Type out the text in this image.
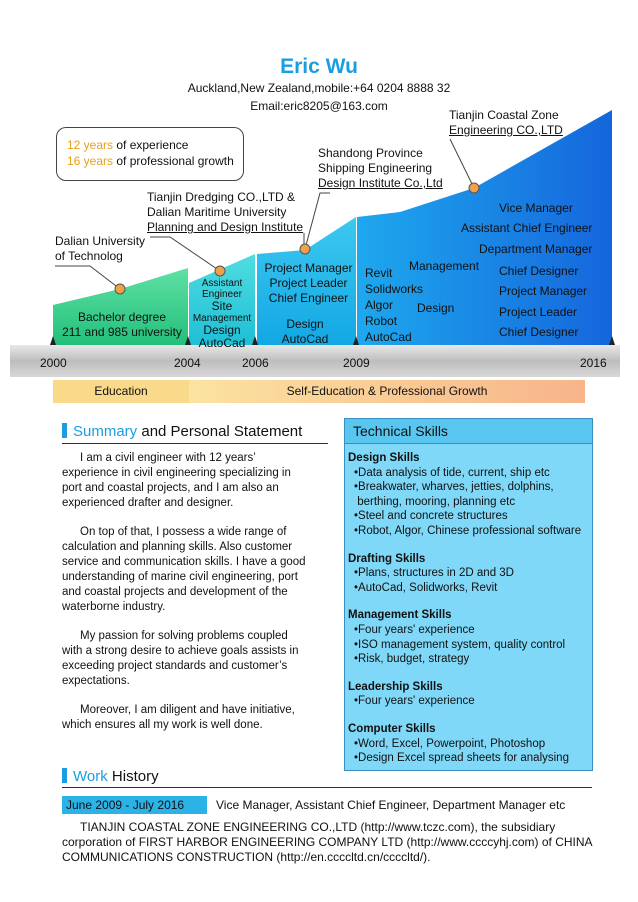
Eric Wu
Auckland,New Zealand,mobile:+64 0204 8888 32
Email:eric8205@163.com
12 years of experience
16 years of professional growth
Dalian University
of Technolog
Tianjin Dredging CO.,LTD &
Dalian Maritime University
Planning and Design Institute
Shandong Province
Shipping Engineering
Design Institute Co.,Ltd
Tianjin Coastal Zone
Engineering CO.,LTD
Bachelor degree
211 and 985 university
Assistant
Engineer
Site
Management
Design
AutoCad
Project Manager
Project Leader
Chief Engineer
Design
AutoCad
Revit
Solidworks
Algor
Robot
AutoCad
Management
Design
Vice Manager
Assistant Chief Engineer
Department Manager
Chief Designer
Project Manager
Project Leader
Chief Designer
2000	2004	2006	2009	2016
Education	Self-Education & Professional Growth
Summary and Personal Statement

I am a civil engineer with 12 years’ experience in civil engineering specializing in port and coastal projects, and I am also an experienced drafter and designer.

On top of that, I possess a wide range of calculation and planning skills. Also customer service and communication skills. I have a good understanding of marine civil engineering, port and coastal projects and development of the waterborne industry.

My passion for solving problems coupled with a strong desire to achieve goals assists in exceeding project standards and customer’s expectations.

Moreover, I am diligent and have initiative, which ensures all my work is well done.

Technical Skills
Design Skills
•Data analysis of tide, current, ship etc
•Breakwater, wharves, jetties, dolphins,
berthing, mooring, planning etc
•Steel and concrete structures
•Robot, Algor, Chinese professional software
Drafting Skills
•Plans, structures in 2D and 3D
•AutoCad, Solidworks, Revit
Management Skills
•Four years' experience
•ISO management system, quality control
•Risk, budget, strategy
Leadership Skills
•Four years' experience
Computer Skills
•Word, Excel, Powerpoint, Photoshop
•Design Excel spread sheets for analysing
Work History
June 2009 - July 2016	Vice Manager, Assistant Chief Engineer, Department Manager etc
TIANJIN COASTAL ZONE ENGINEERING CO.,LTD (http://www.tczc.com), the subsidiary corporation of FIRST HARBOR ENGINEERING COMPANY LTD (http://www.ccccyhj.com) of CHINA COMMUNICATIONS CONSTRUCTION (http://en.ccccltd.cn/ccccltd/).
